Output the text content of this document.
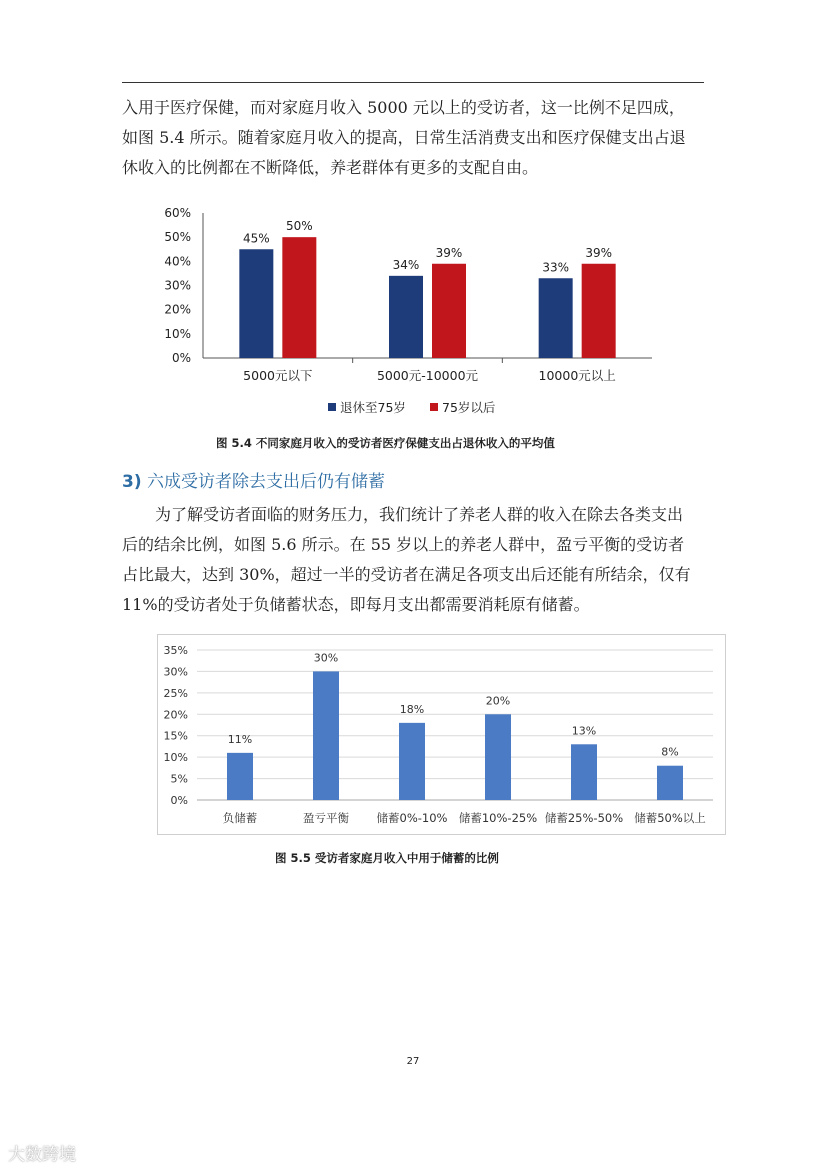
入用于医疗保健，而对家庭月收入 5000 元以上的受访者，这一比例不足四成，
如图 5.4 所示。随着家庭月收入的提高，日常生活消费支出和医疗保健支出占退
休收入的比例都在不断降低，养老群体有更多的支配自由。

0%
10%
20%
30%
40%
50%
60%
45%
50%
5000元以下
34%
39%
5000元-10000元
33%
39%
10000元以上
退休至75岁	75岁以后
图 5.4 不同家庭月收入的受访者医疗保健支出占退休收入的平均值
3) 六成受访者除去支出后仍有储蓄

为了解受访者面临的财务压力，我们统计了养老人群的收入在除去各类支出
后的结余比例，如图 5.6 所示。在 55 岁以上的养老人群中，盈亏平衡的受访者
占比最大，达到 30%，超过一半的受访者在满足各项支出后还能有所结余，仅有
11%的受访者处于负储蓄状态，即每月支出都需要消耗原有储蓄。

0%
5%
10%
15%
20%
25%
30%
35%
11%
负储蓄
30%
盈亏平衡
18%
储蓄0%-10%
20%
储蓄10%-25%
13%
储蓄25%-50%
8%
储蓄50%以上
图 5.5 受访者家庭月收入中用于储蓄的比例
27
大数跨境
